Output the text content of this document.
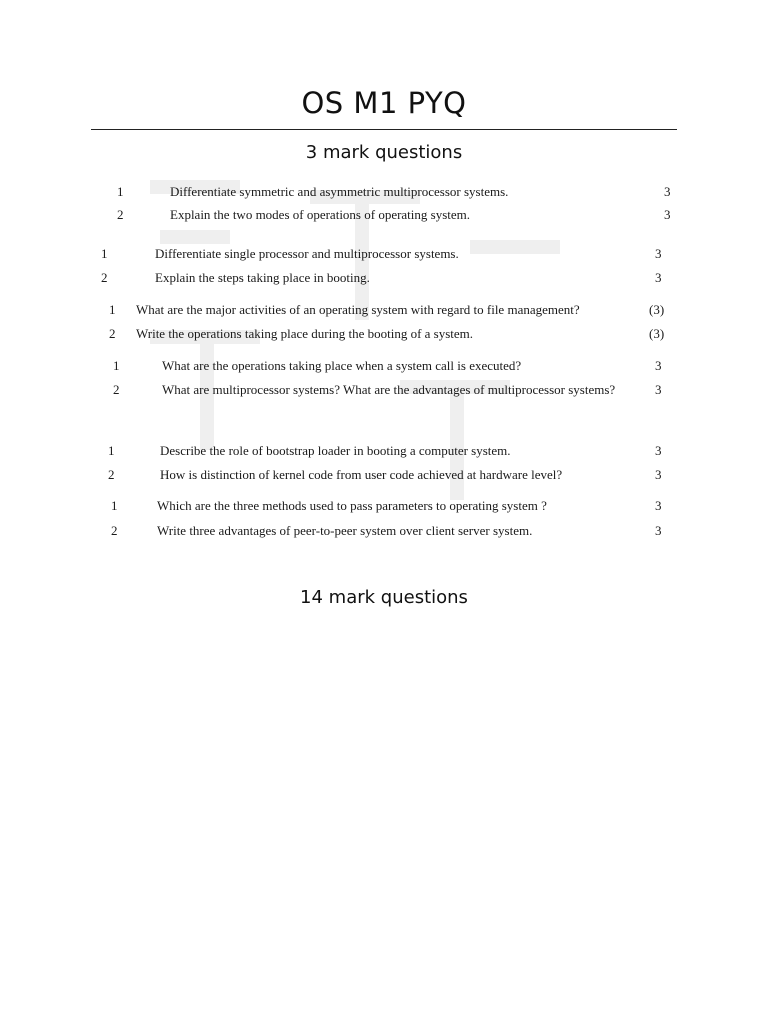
OS M1 PYQ
3 mark questions
1	Differentiate symmetric and asymmetric multiprocessor systems.	3
2	Explain the two modes of operations of operating system.	3
1	Differentiate single processor and multiprocessor systems.	3
2	Explain the steps taking place in booting.	3
1 What are the major activities of an operating system with regard to file management?	(3)
2 Write the operations taking place during the booting of a system.	(3)
1	What are the operations taking place when a system call is executed?	3
2	What are multiprocessor systems? What are the advantages of multiprocessor systems?	3
1	Describe the role of bootstrap loader in booting a computer system.	3
2	How is distinction of kernel code from user code achieved at hardware level?	3
1	Which are the three methods used to pass parameters to operating system ?	3
2	Write three advantages of peer-to-peer system over client server system.	3
14 mark questions
